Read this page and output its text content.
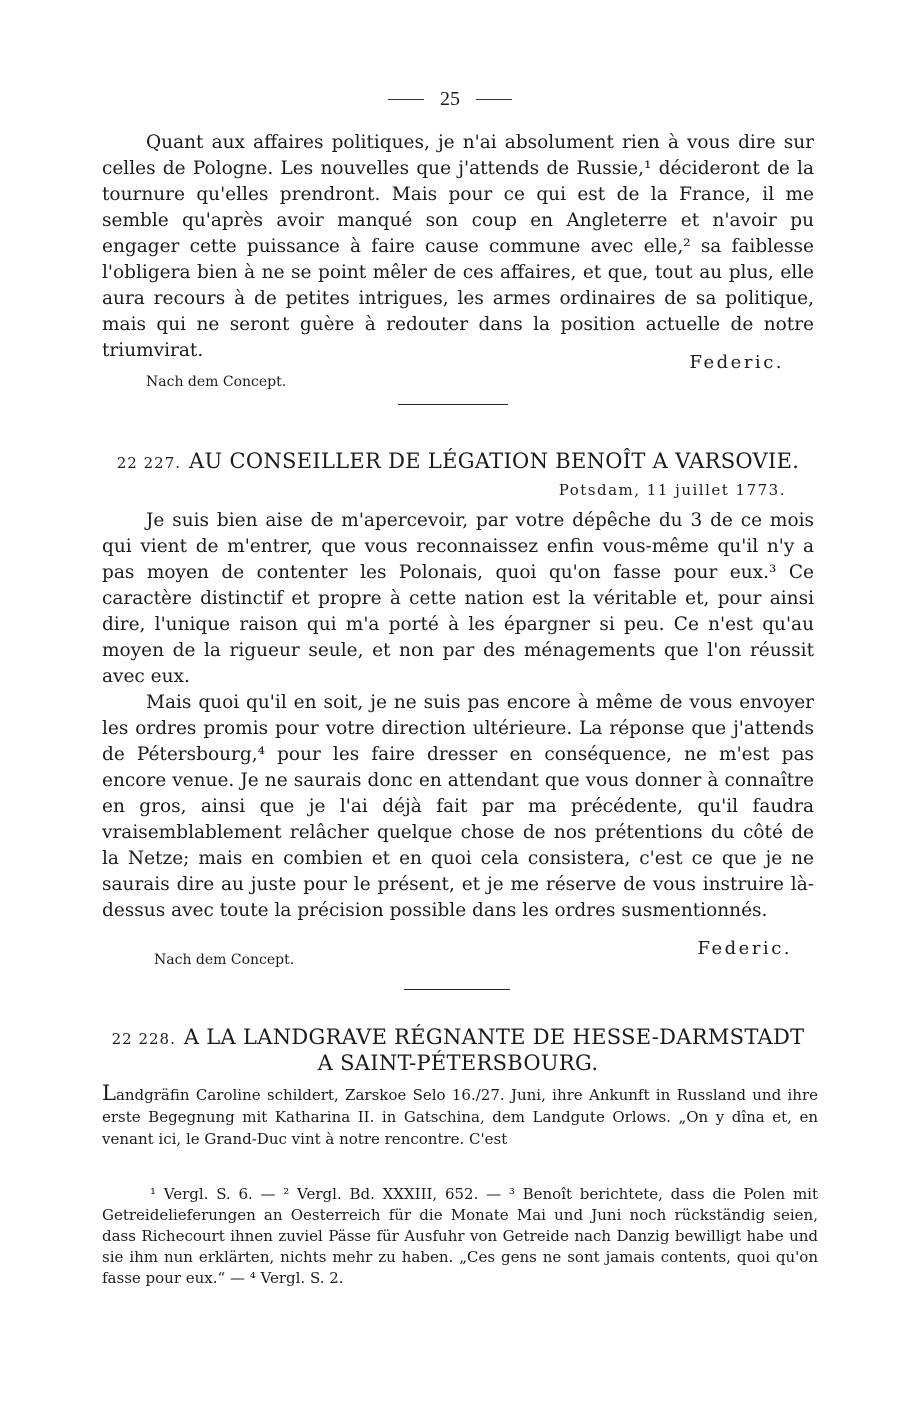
25

Quant aux affaires politiques, je n'ai absolument rien à vous dire sur celles de Pologne. Les nouvelles que j'attends de Russie,¹ décideront de la tournure qu'elles prendront. Mais pour ce qui est de la France, il me semble qu'après avoir manqué son coup en Angleterre et n'avoir pu engager cette puissance à faire cause commune avec elle,² sa faiblesse l'obligera bien à ne se point mêler de ces affaires, et que, tout au plus, elle aura recours à de petites intrigues, les armes ordinaires de sa politique, mais qui ne seront guère à redouter dans la position actuelle de notre triumvirat.

Federic.

Nach dem Concept.

22 227. AU CONSEILLER DE LÉGATION BENOÎT A VARSOVIE.
Potsdam, 11 juillet 1773.

Je suis bien aise de m'apercevoir, par votre dépêche du 3 de ce mois qui vient de m'entrer, que vous reconnaissez enfin vous-même qu'il n'y a pas moyen de contenter les Polonais, quoi qu'on fasse pour eux.³ Ce caractère distinctif et propre à cette nation est la véritable et, pour ainsi dire, l'unique raison qui m'a porté à les épargner si peu. Ce n'est qu'au moyen de la rigueur seule, et non par des ménagements que l'on réussit avec eux.

Mais quoi qu'il en soit, je ne suis pas encore à même de vous envoyer les ordres promis pour votre direction ultérieure. La réponse que j'attends de Pétersbourg,⁴ pour les faire dresser en conséquence, ne m'est pas encore venue. Je ne saurais donc en attendant que vous donner à connaître en gros, ainsi que je l'ai déjà fait par ma précédente, qu'il faudra vraisemblablement relâcher quelque chose de nos prétentions du côté de la Netze; mais en combien et en quoi cela consistera, c'est ce que je ne saurais dire au juste pour le présent, et je me réserve de vous instruire là-dessus avec toute la précision possible dans les ordres susmentionnés.

Federic.

Nach dem Concept.

22 228. A LA LANDGRAVE RÉGNANTE DE HESSE-DARMSTADT
A SAINT-PÉTERSBOURG.

Landgräfin Caroline schildert, Zarskoe Selo 16./27. Juni, ihre Ankunft in Russland und ihre erste Begegnung mit Katharina II. in Gatschina, dem Landgute Orlows. „On y dîna et, en venant ici, le Grand-Duc vint à notre rencontre. C'est

¹ Vergl. S. 6. — ² Vergl. Bd. XXXIII, 652. — ³ Benoît berichtete, dass die Polen mit Getreidelieferungen an Oesterreich für die Monate Mai und Juni noch rückständig seien, dass Richecourt ihnen zuviel Pässe für Ausfuhr von Getreide nach Danzig bewilligt habe und sie ihm nun erklärten, nichts mehr zu haben. „Ces gens ne sont jamais contents, quoi qu'on fasse pour eux.“ — ⁴ Vergl. S. 2.
